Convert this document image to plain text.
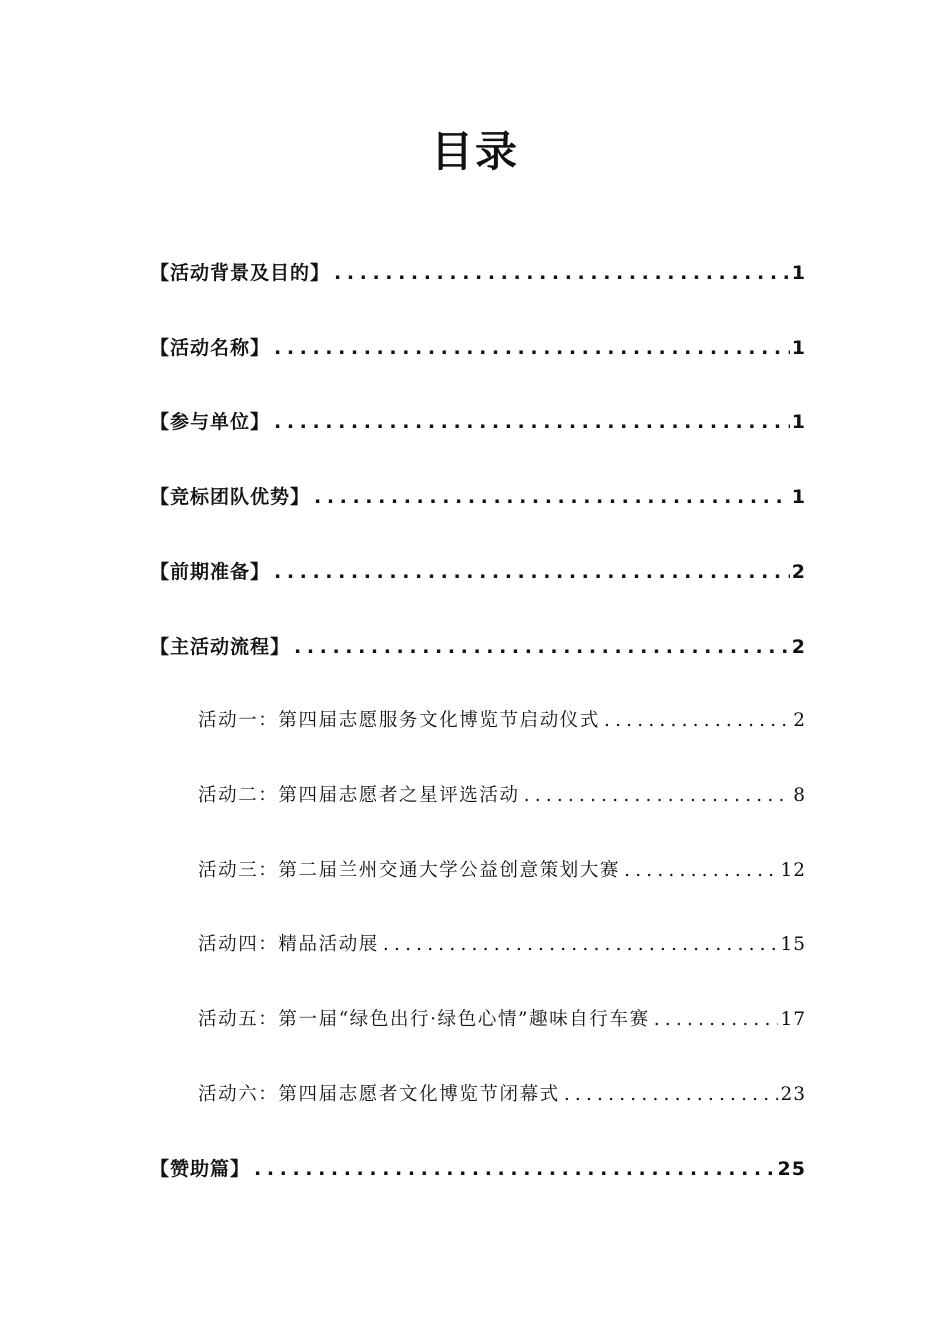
目录
【活动背景及目的】 .....	1
【活动名称】 .....	1
【参与单位】 .....	1
【竞标团队优势】 .....	1
【前期准备】 .....	2
【主活动流程】 .....	2
活动一：第四届志愿服务文化博览节启动仪式 .....	2
活动二：第四届志愿者之星评选活动 .....	8
活动三：第二届兰州交通大学公益创意策划大赛 .....	12
活动四：精品活动展 .....	15
活动五：第一届“绿色出行·绿色心情”趣味自行车赛 .....	17
活动六：第四届志愿者文化博览节闭幕式 .....	23
【赞助篇】 .....	25
